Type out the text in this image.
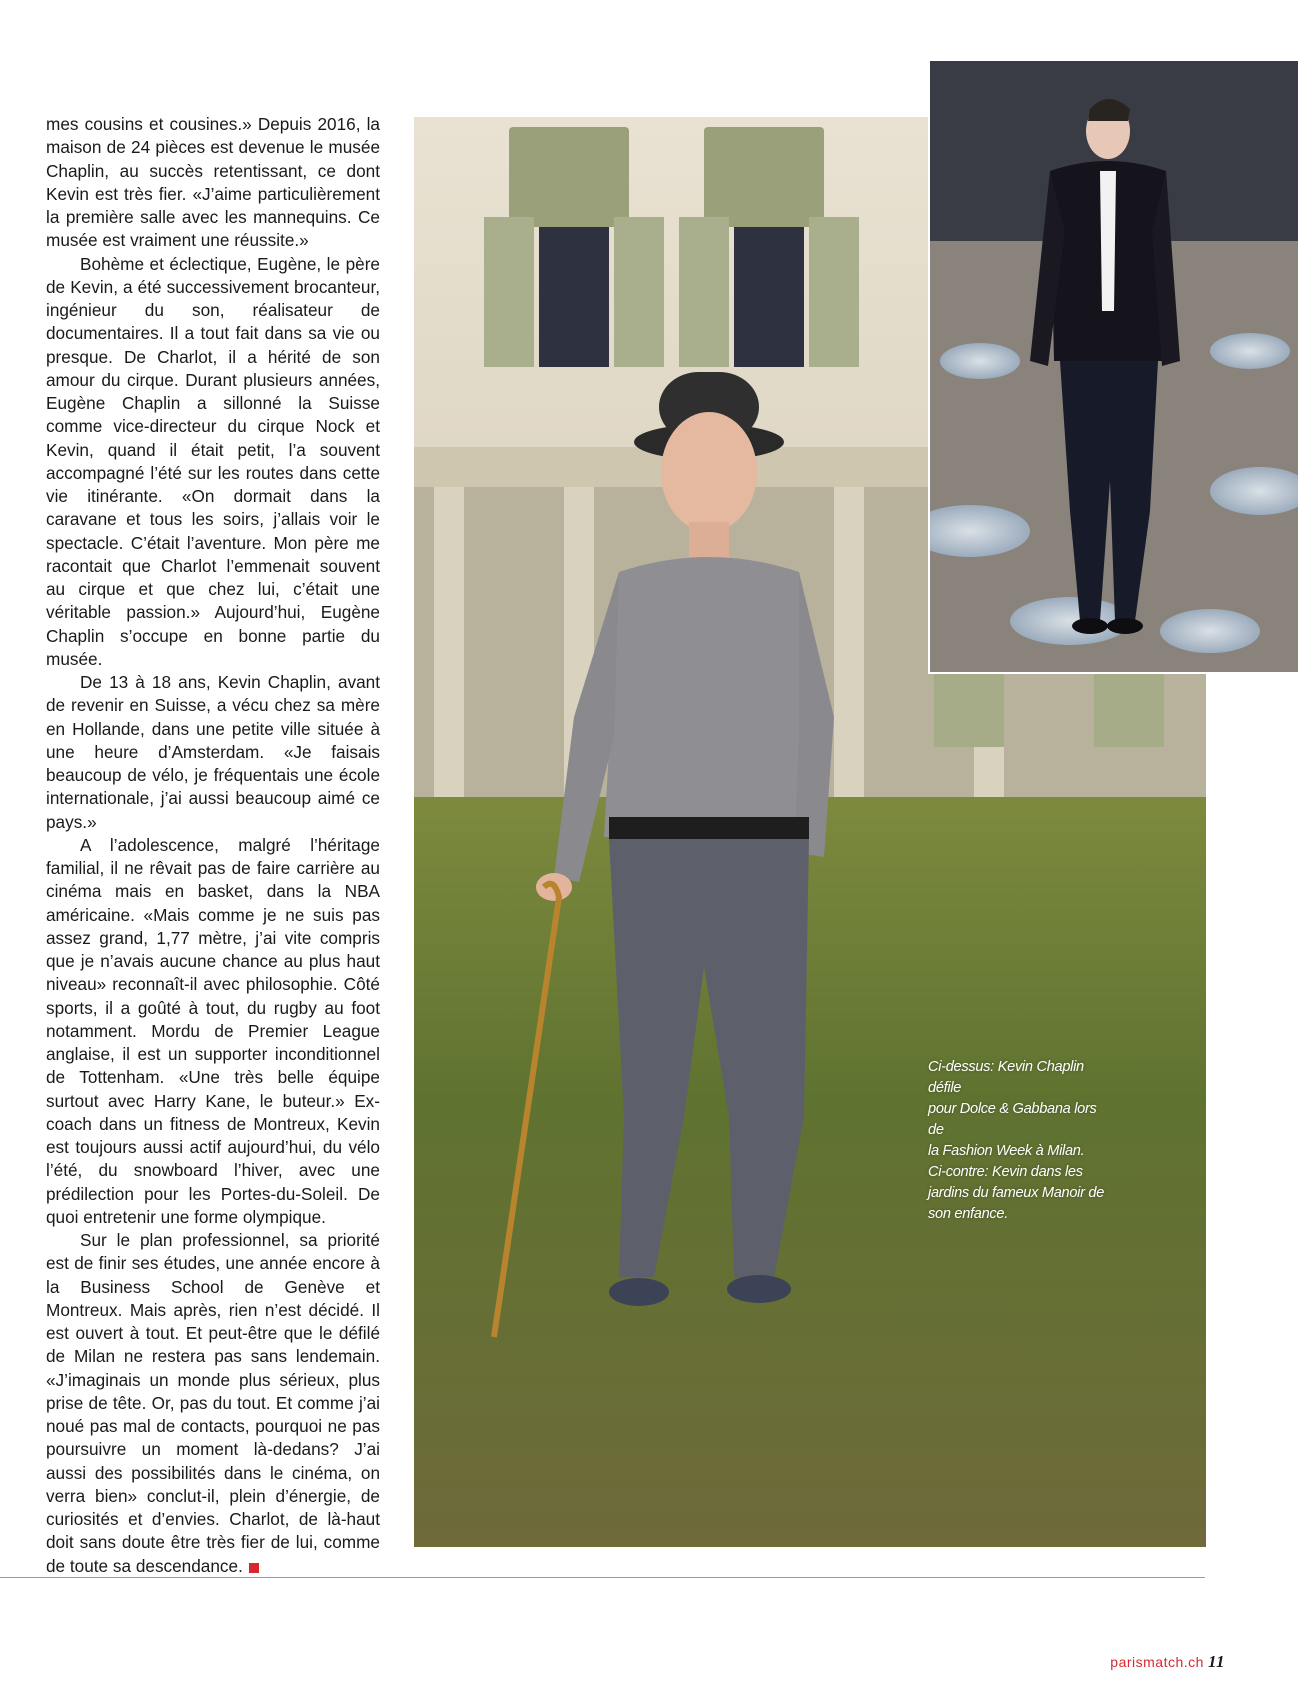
mes cousins et cousines.» Depuis 2016, la maison de 24 pièces est devenue le musée Chaplin, au succès retentissant, ce dont Kevin est très fier. «J’aime particulièrement la première salle avec les mannequins. Ce musée est vraiment une réussite.»

Bohème et éclectique, Eugène, le père de Kevin, a été successivement brocanteur, ingénieur du son, réalisateur de documentaires. Il a tout fait dans sa vie ou presque. De Charlot, il a hérité de son amour du cirque. Durant plusieurs années, Eugène Chaplin a sillonné la Suisse comme vice-directeur du cirque Nock et Kevin, quand il était petit, l’a souvent accompagné l’été sur les routes dans cette vie itinérante. «On dormait dans la caravane et tous les soirs, j’allais voir le spectacle. C’était l’aventure. Mon père me racontait que Charlot l’emmenait souvent au cirque et que chez lui, c’était une véritable passion.» Aujourd’hui, Eugène Chaplin s’occupe en bonne partie du musée.

De 13 à 18 ans, Kevin Chaplin, avant de revenir en Suisse, a vécu chez sa mère en Hollande, dans une petite ville située à une heure d’Amsterdam. «Je faisais beaucoup de vélo, je fréquentais une école internationale, j’ai aussi beaucoup aimé ce pays.»

A l’adolescence, malgré l’héritage familial, il ne rêvait pas de faire carrière au cinéma mais en basket, dans la NBA américaine. «Mais comme je ne suis pas assez grand, 1,77 mètre, j’ai vite compris que je n’avais aucune chance au plus haut niveau» reconnaît-il avec philosophie. Côté sports, il a goûté à tout, du rugby au foot notamment. Mordu de Premier League anglaise, il est un supporter inconditionnel de Tottenham. «Une très belle équipe surtout avec Harry Kane, le buteur.» Ex-coach dans un fitness de Montreux, Kevin est toujours aussi actif aujourd’hui, du vélo l’été, du snowboard l’hiver, avec une prédilection pour les Portes-du-Soleil. De quoi entretenir une forme olympique.

Sur le plan professionnel, sa priorité est de finir ses études, une année encore à la Business School de Genève et Montreux. Mais après, rien n’est décidé. Il est ouvert à tout. Et peut-être que le défilé de Milan ne restera pas sans lendemain. «J’imaginais un monde plus sérieux, plus prise de tête. Or, pas du tout. Et comme j’ai noué pas mal de contacts, pourquoi ne pas poursuivre un moment là-dedans? J’ai aussi des possibilités dans le cinéma, on verra bien» conclut-il, plein d’énergie, de curiosités et d’envies. Charlot, de là-haut doit sans doute être très fier de lui, comme de toute sa descendance.

Ci-dessus: Kevin Chaplin défile
pour Dolce & Gabbana lors de
la Fashion Week à Milan.
Ci-contre: Kevin dans les
jardins du fameux Manoir de
son enfance.
parismatch.ch 11
